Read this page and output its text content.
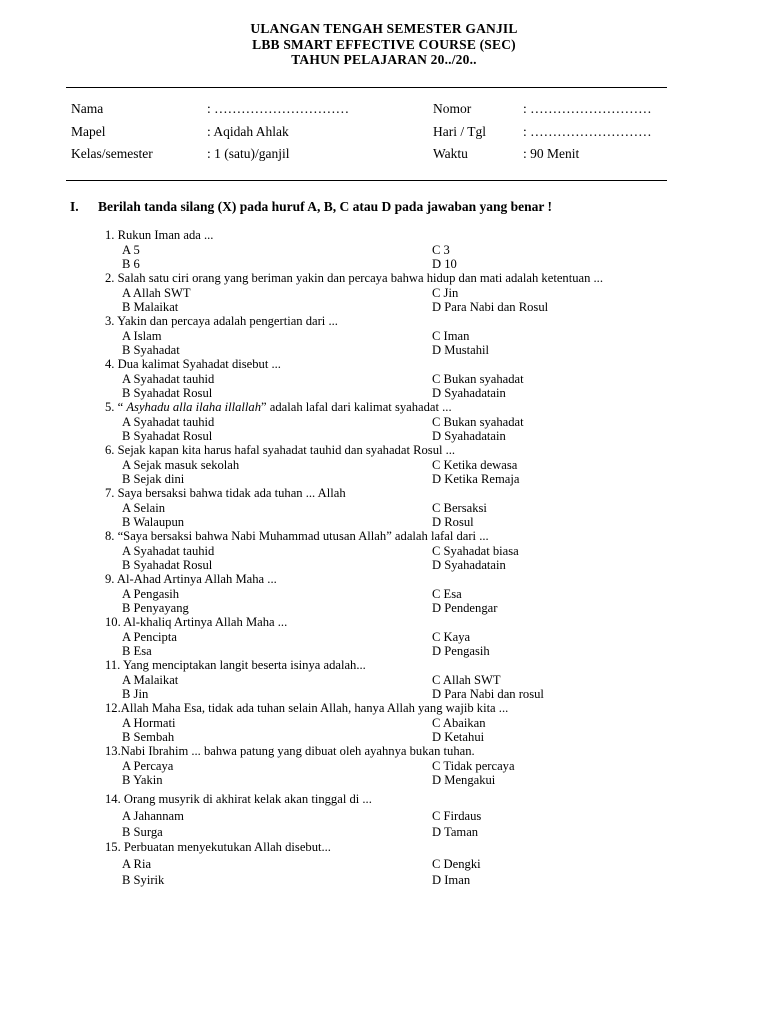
ULANGAN TENGAH SEMESTER GANJIL
LBB SMART EFFECTIVE COURSE (SEC)
TAHUN PELAJARAN 20../20..
Nama	: …………………………	Nomor	: ………………………
Mapel	: Aqidah Ahlak	Hari / Tgl	: ………………………
Kelas/semester	: 1 (satu)/ganjil	Waktu	: 90 Menit
I. Berilah tanda silang (X) pada huruf A, B, C atau D pada jawaban yang benar !
1. Rukun Iman ada ...
A 5	C 3
B 6	D 10
2. Salah satu ciri orang yang beriman yakin dan percaya bahwa hidup dan mati adalah ketentuan ...
A Allah SWT	C Jin
B Malaikat	D Para Nabi dan Rosul
3. Yakin dan percaya adalah pengertian dari ...
A Islam	C Iman
B Syahadat	D Mustahil
4. Dua kalimat Syahadat disebut ...
A Syahadat tauhid	C Bukan syahadat
B Syahadat Rosul	D Syahadatain
5. “ Asyhadu alla ilaha illallah” adalah lafal dari kalimat syahadat ...
A Syahadat tauhid	C Bukan syahadat
B Syahadat Rosul	D Syahadatain
6. Sejak kapan kita harus hafal syahadat tauhid dan syahadat Rosul ...
A Sejak masuk sekolah	C Ketika dewasa
B Sejak dini	D Ketika Remaja
7. Saya bersaksi bahwa tidak ada tuhan ... Allah
A Selain	C Bersaksi
B Walaupun	D Rosul
8. “Saya bersaksi bahwa Nabi Muhammad utusan Allah” adalah lafal dari ...
A Syahadat tauhid	C Syahadat biasa
B Syahadat Rosul	D Syahadatain
9. Al-Ahad Artinya Allah Maha ...
A Pengasih	C Esa
B Penyayang	D Pendengar
10. Al-khaliq Artinya Allah Maha ...
A Pencipta	C Kaya
B Esa	D Pengasih
11. Yang menciptakan langit beserta isinya adalah...
A Malaikat	C Allah SWT
B Jin	D Para Nabi dan rosul
12.Allah Maha Esa, tidak ada tuhan selain Allah, hanya Allah yang wajib kita ...
A Hormati	C Abaikan
B Sembah	D Ketahui
13.Nabi Ibrahim ... bahwa patung yang dibuat oleh ayahnya bukan tuhan.
A Percaya	C Tidak percaya
B Yakin	D Mengakui
14. Orang musyrik di akhirat kelak akan tinggal di ...
A Jahannam	C Firdaus
B Surga	D Taman
15. Perbuatan menyekutukan Allah disebut...
A Ria	C Dengki
B Syirik	D Iman
